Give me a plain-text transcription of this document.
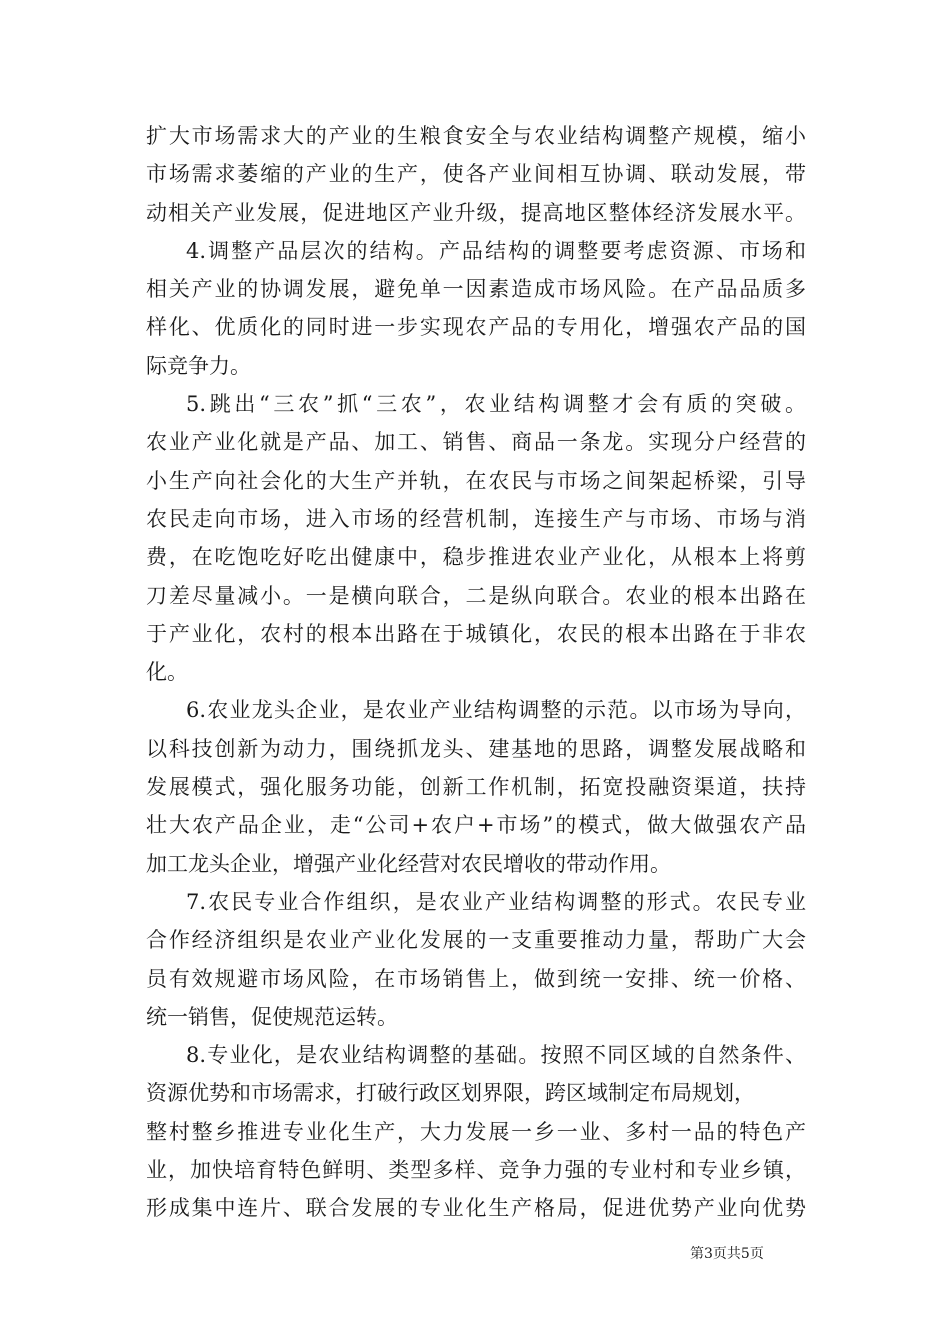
扩大市场需求大的产业的生粮食安全与农业结构调整产规模，缩小
市场需求萎缩的产业的生产，使各产业间相互协调、联动发展，带
动相关产业发展，促进地区产业升级，提高地区整体经济发展水平。
4.调整产品层次的结构。产品结构的调整要考虑资源、市场和
相关产业的协调发展，避免单一因素造成市场风险。在产品品质多
样化、优质化的同时进一步实现农产品的专用化，增强农产品的国
际竞争力。
5.跳出“三农”抓“三农”，农业结构调整才会有质的突破。
农业产业化就是产品、加工、销售、商品一条龙。实现分户经营的
小生产向社会化的大生产并轨，在农民与市场之间架起桥梁，引导
农民走向市场，进入市场的经营机制，连接生产与市场、市场与消
费，在吃饱吃好吃出健康中，稳步推进农业产业化，从根本上将剪
刀差尽量减小。一是横向联合，二是纵向联合。农业的根本出路在
于产业化，农村的根本出路在于城镇化，农民的根本出路在于非农
化。
6.农业龙头企业，是农业产业结构调整的示范。以市场为导向，
以科技创新为动力，围绕抓龙头、建基地的思路，调整发展战略和
发展模式，强化服务功能，创新工作机制，拓宽投融资渠道，扶持
壮大农产品企业，走“公司+农户+市场”的模式，做大做强农产品
加工龙头企业，增强产业化经营对农民增收的带动作用。
7.农民专业合作组织，是农业产业结构调整的形式。农民专业
合作经济组织是农业产业化发展的一支重要推动力量，帮助广大会
员有效规避市场风险，在市场销售上，做到统一安排、统一价格、
统一销售，促使规范运转。
8.专业化，是农业结构调整的基础。按照不同区域的自然条件、
资源优势和市场需求，打破行政区划界限，跨区域制定布局规划，
整村整乡推进专业化生产，大力发展一乡一业、多村一品的特色产
业，加快培育特色鲜明、类型多样、竞争力强的专业村和专业乡镇，
形成集中连片、联合发展的专业化生产格局，促进优势产业向优势
第3页共5页
